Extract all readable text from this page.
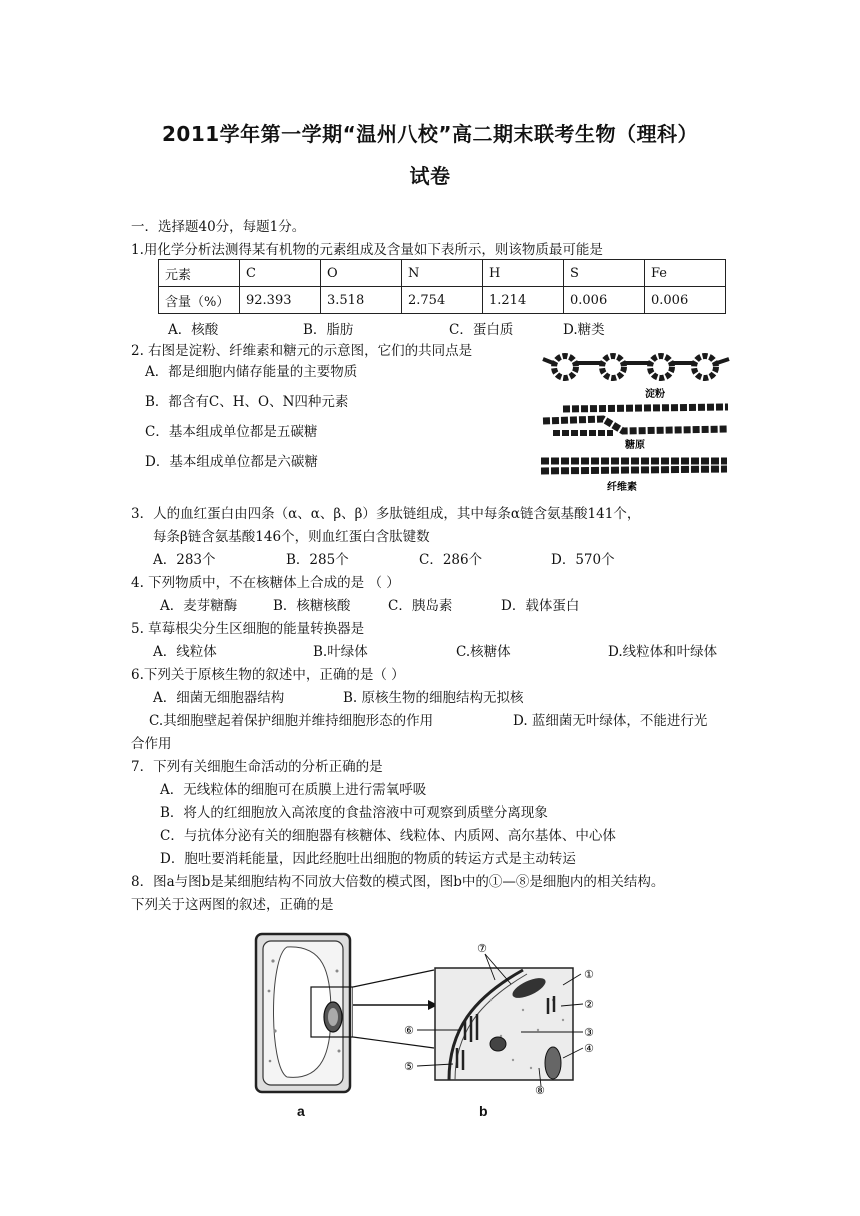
2011学年第一学期“温州八校”高二期末联考生物（理科）
试卷
一．选择题40分，每题1分。
1.用化学分析法测得某有机物的元素组成及含量如下表所示，则该物质最可能是
元素	C	O	N	H	S	Fe
含量（%）	92.393	3.518	2.754	1.214	0.006	0.006
A．核酸	B．脂肪	C．蛋白质	D.糖类
2. 右图是淀粉、纤维素和糖元的示意图，它们的共同点是
A．都是细胞内储存能量的主要物质
B．都含有C、H、O、N四种元素
C．基本组成单位都是五碳糖
D．基本组成单位都是六碳糖
淀粉
糖原
纤维素
3．人的血红蛋白由四条（α、α、β、β）多肽链组成，其中每条α链含氨基酸141个，
每条β链含氨基酸146个，则血红蛋白含肽键数
A．283个	B．285个	C．286个	D．570个
4. 下列物质中，不在核糖体上合成的是 （ ）
A．麦芽糖酶	B．核糖核酸	C．胰岛素	D．载体蛋白
5. 草莓根尖分生区细胞的能量转换器是
A．线粒体	B.叶绿体	C.核糖体	D.线粒体和叶绿体
6.下列关于原核生物的叙述中，正确的是（ ）
A．细菌无细胞器结构	B. 原核生物的细胞结构无拟核
C.其细胞壁起着保护细胞并维持细胞形态的作用	D. 蓝细菌无叶绿体，不能进行光
合作用
7．下列有关细胞生命活动的分析正确的是
A．无线粒体的细胞可在质膜上进行需氧呼吸
B．将人的红细胞放入高浓度的食盐溶液中可观察到质壁分离现象
C．与抗体分泌有关的细胞器有核糖体、线粒体、内质网、高尔基体、中心体
D．胞吐要消耗能量，因此经胞吐出细胞的物质的转运方式是主动转运
8．图a与图b是某细胞结构不同放大倍数的模式图，图b中的①—⑧是细胞内的相关结构。
下列关于这两图的叙述，正确的是
①
②
③
④
⑤
⑥
⑦
⑧
a	b
